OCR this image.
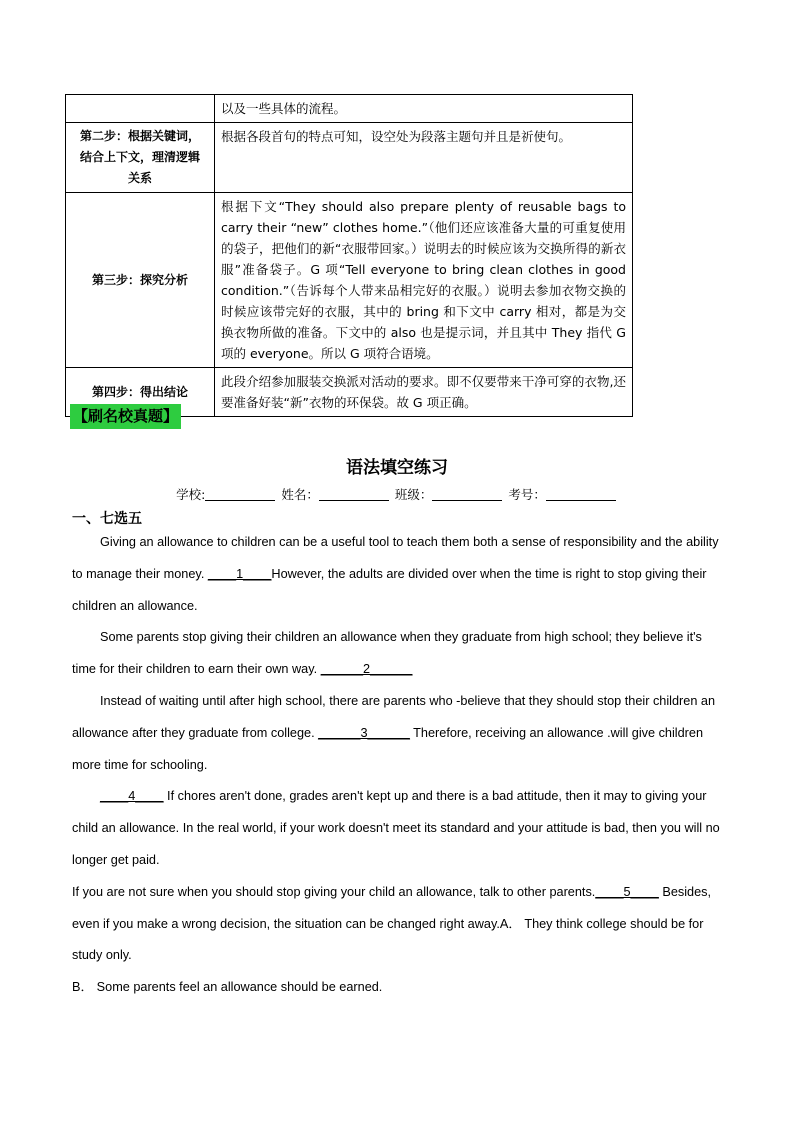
	以及一些具体的流程。

第二步：根据关键词，
结合上下文，理清逻辑
关系	根据各段首句的特点可知，设空处为段落主题句并且是祈使句。
第三步：探究分析	根据下文“They should also prepare plenty of reusable bags to carry their “new” clothes home.”（他们还应该准备大量的可重复使用的袋子，把他们的新“衣服带回家。）说明去的时候应该为交换所得的新衣服”准备袋子。G 项“Tell everyone to bring clean clothes in good condition.”（告诉每个人带来品相完好的衣服。）说明去参加衣物交换的时候应该带完好的衣服，其中的 bring 和下文中 carry 相对，都是为交换衣物所做的准备。下文中的 also 也是提示词，并且其中 They 指代 G 项的 everyone。所以 G 项符合语境。
第四步：得出结论	此段介绍参加服装交换派对活动的要求。即不仅要带来干净可穿的衣物,还要准备好装“新”衣物的环保袋。故 G 项正确。
【刷名校真题】
语法填空练习
学校:	姓名：	班级：	考号：
一、七选五

Giving an allowance to children can be a useful tool to teach them both a sense of responsibility and the ability to manage their money. ____1____However, the adults are divided over when the time is right to stop giving their children an allowance.

Some parents stop giving their children an allowance when they graduate from high school; they believe it's time for their children to earn their own way. ______2______

Instead of waiting until after high school, there are parents who -believe that they should stop their children an allowance after they graduate from college. ______3______ Therefore, receiving an allowance .will give children more time for schooling.

____4____ If chores aren't done, grades aren't kept up and there is a bad attitude, then it may to giving your child an allowance. In the real world, if your work doesn't meet its standard and your attitude is bad, then you will no longer get paid.

If you are not sure when you should stop giving your child an allowance, talk to other parents.____5____ Besides, even if you make a wrong decision, the situation can be changed right away.A． They think college should be for study only.

B． Some parents feel an allowance should be earned.
